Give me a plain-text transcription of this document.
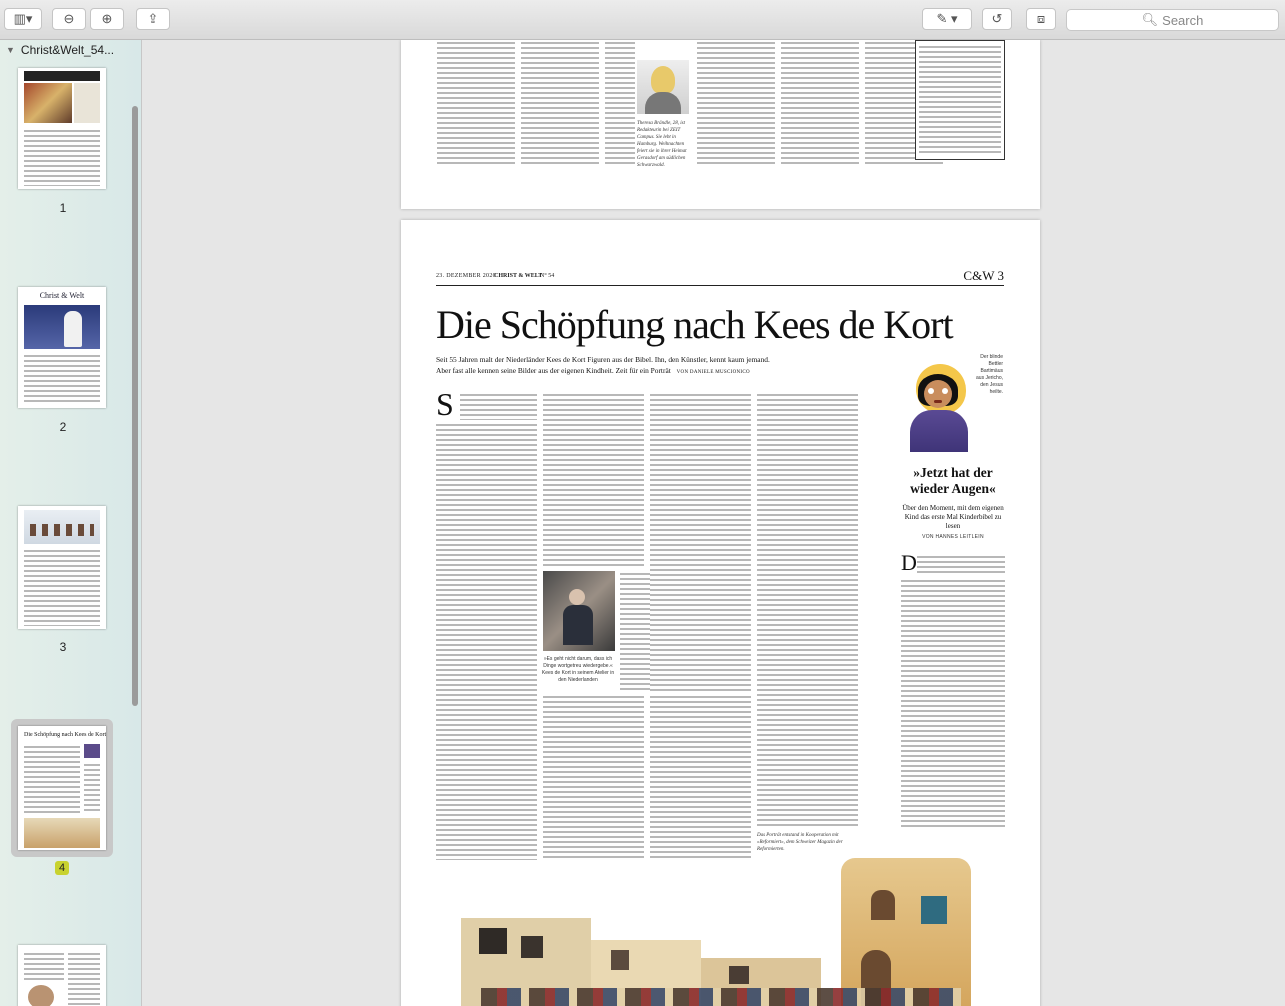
▥▾ ⊖ ⊕	⇪	✎ ▾	↺	⧈	🔍︎ Search
▼ Christ&Welt_54...
1
Christ & Welt
2
3
Die Schöpfung nach Kees de Kort
4
Theresa Brändle, 28, ist Redakteurin bei ZEIT Campus. Sie lebt in Hamburg. Weihnachten feiert sie in ihrer Heimat Gerasdorf am südlichen Schwarzwald.
23. DEZEMBER 2020
CHRIST & WELT
N° 54	C&W 3
Die Schöpfung nach Kees de Kort
Seit 55 Jahren malt der Niederländer Kees de Kort Figuren aus der Bibel. Ihn, den Künstler, kennt kaum jemand.
Aber fast alle kennen seine Bilder aus der eigenen Kindheit. Zeit für ein Porträt VON DANIELE MUSCIONICO
S
»Es geht nicht darum, dass ich Dinge wortgetreu wiedergebe.« Kees de Kort in seinem Atelier in den Niederlanden
Das Porträt entstand in Kooperation mit »Reformiert«, dem Schweizer Magazin der Reformierten.
Der blinde Bettler Bartimäus aus Jericho, den Jesus heilte.
»Jetzt hat der wieder Augen«
Über den Moment, mit dem eigenen Kind das erste Mal Kinderbibel zu lesen
VON HANNES LEITLEIN
D
